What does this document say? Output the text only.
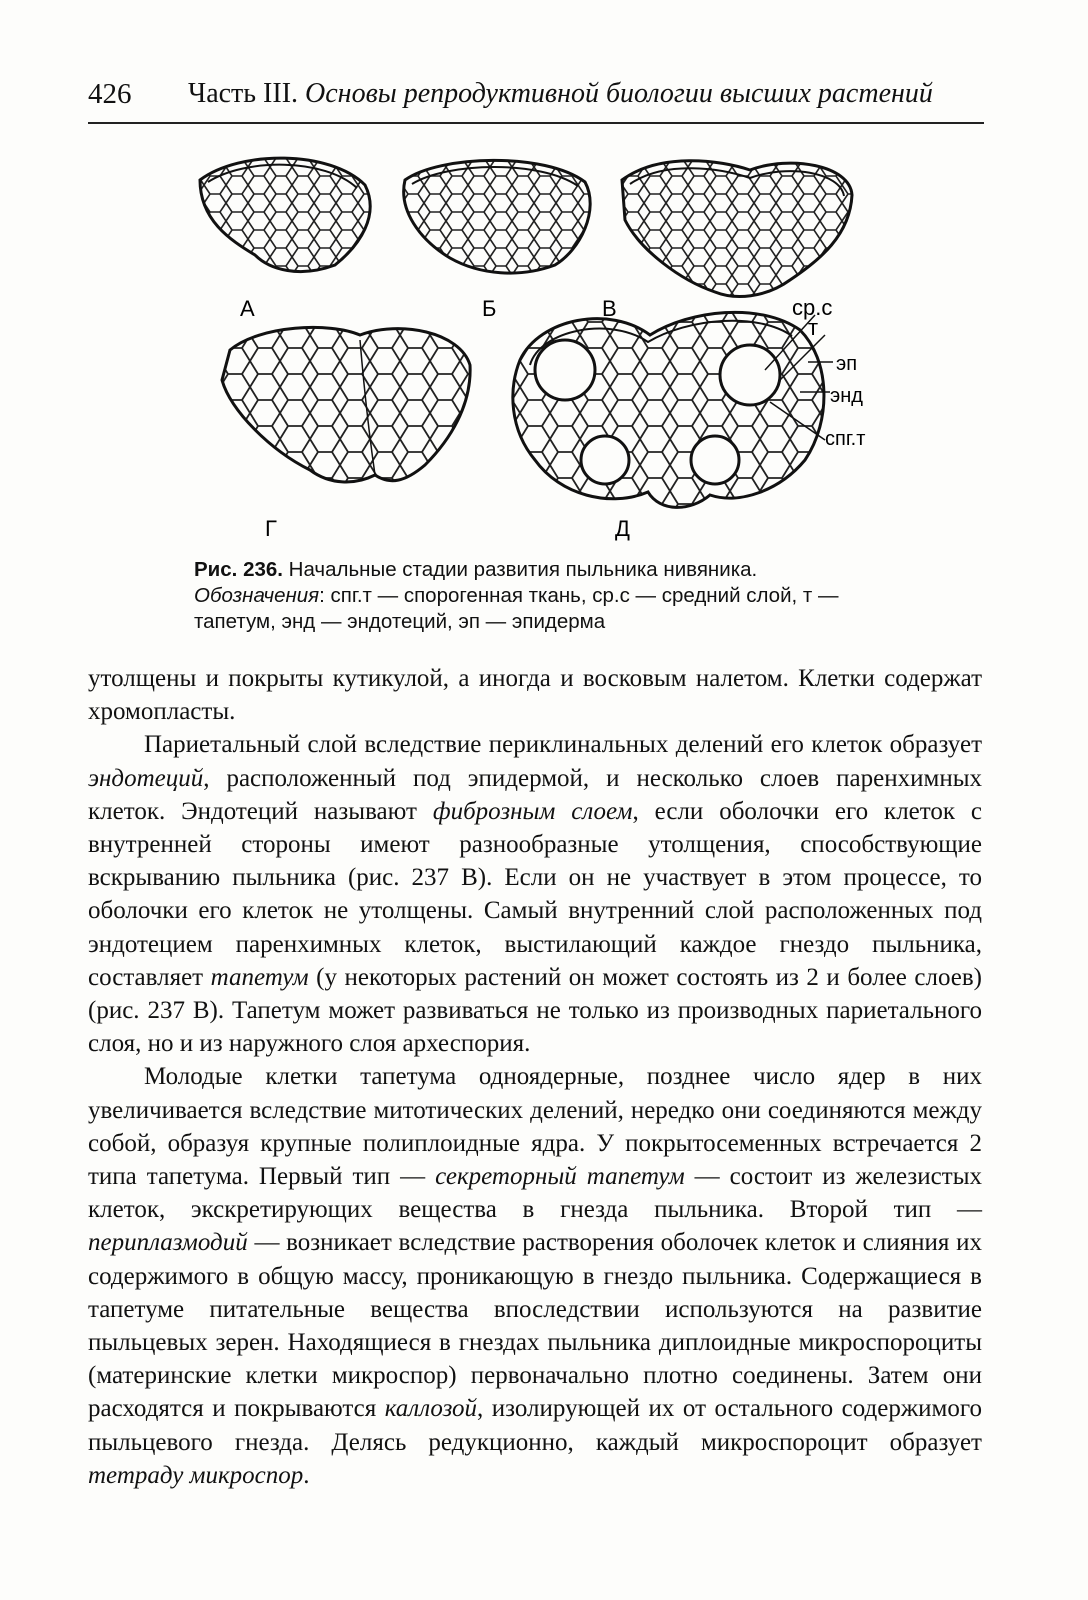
426 Часть III. Основы репродуктивной биологии высших растений
А	Б	В
Г	Д
ср.с
т
эп
энд
спг.т
Рис. 236. Начальные стадии развития пыльника нивяника.
Обозначения: спг.т — спорогенная ткань, ср.с — средний слой, т — тапетум, энд — эндотеций, эп — эпидерма

утолщены и покрыты кутикулой, а иногда и восковым налетом. Клетки содержат хромопласты.

Париетальный слой вследствие периклинальных делений его клеток образует эндотеций, расположенный под эпидермой, и несколько слоев паренхимных клеток. Эндотеций называют фиброзным слоем, если оболочки его клеток с внутренней стороны имеют разнообразные утолщения, способствующие вскрыванию пыльника (рис. 237 В). Если он не участвует в этом процессе, то оболочки его клеток не утолщены. Самый внутренний слой расположенных под эндотецием паренхимных клеток, выстилающий каждое гнездо пыльника, составляет тапетум (у некоторых растений он может состоять из 2 и более слоев) (рис. 237 В). Тапетум может развиваться не только из производных париетального слоя, но и из наружного слоя археспория.

Молодые клетки тапетума одноядерные, позднее число ядер в них увеличивается вследствие митотических делений, нередко они соединяются между собой, образуя крупные полиплоидные ядра. У покрытосеменных встречается 2 типа тапетума. Первый тип — секреторный тапетум — состоит из железистых клеток, экскретирующих вещества в гнезда пыльника. Второй тип — периплазмодий — возникает вследствие растворения оболочек клеток и слияния их содержимого в общую массу, проникающую в гнездо пыльника. Содержащиеся в тапетуме питательные вещества впоследствии используются на развитие пыльцевых зерен. Находящиеся в гнездах пыльника диплоидные микроспороциты (материнские клетки микроспор) первоначально плотно соединены. Затем они расходятся и покрываются каллозой, изолирующей их от остального содержимого пыльцевого гнезда. Делясь редукционно, каждый микроспороцит образует тетраду микроспор.
